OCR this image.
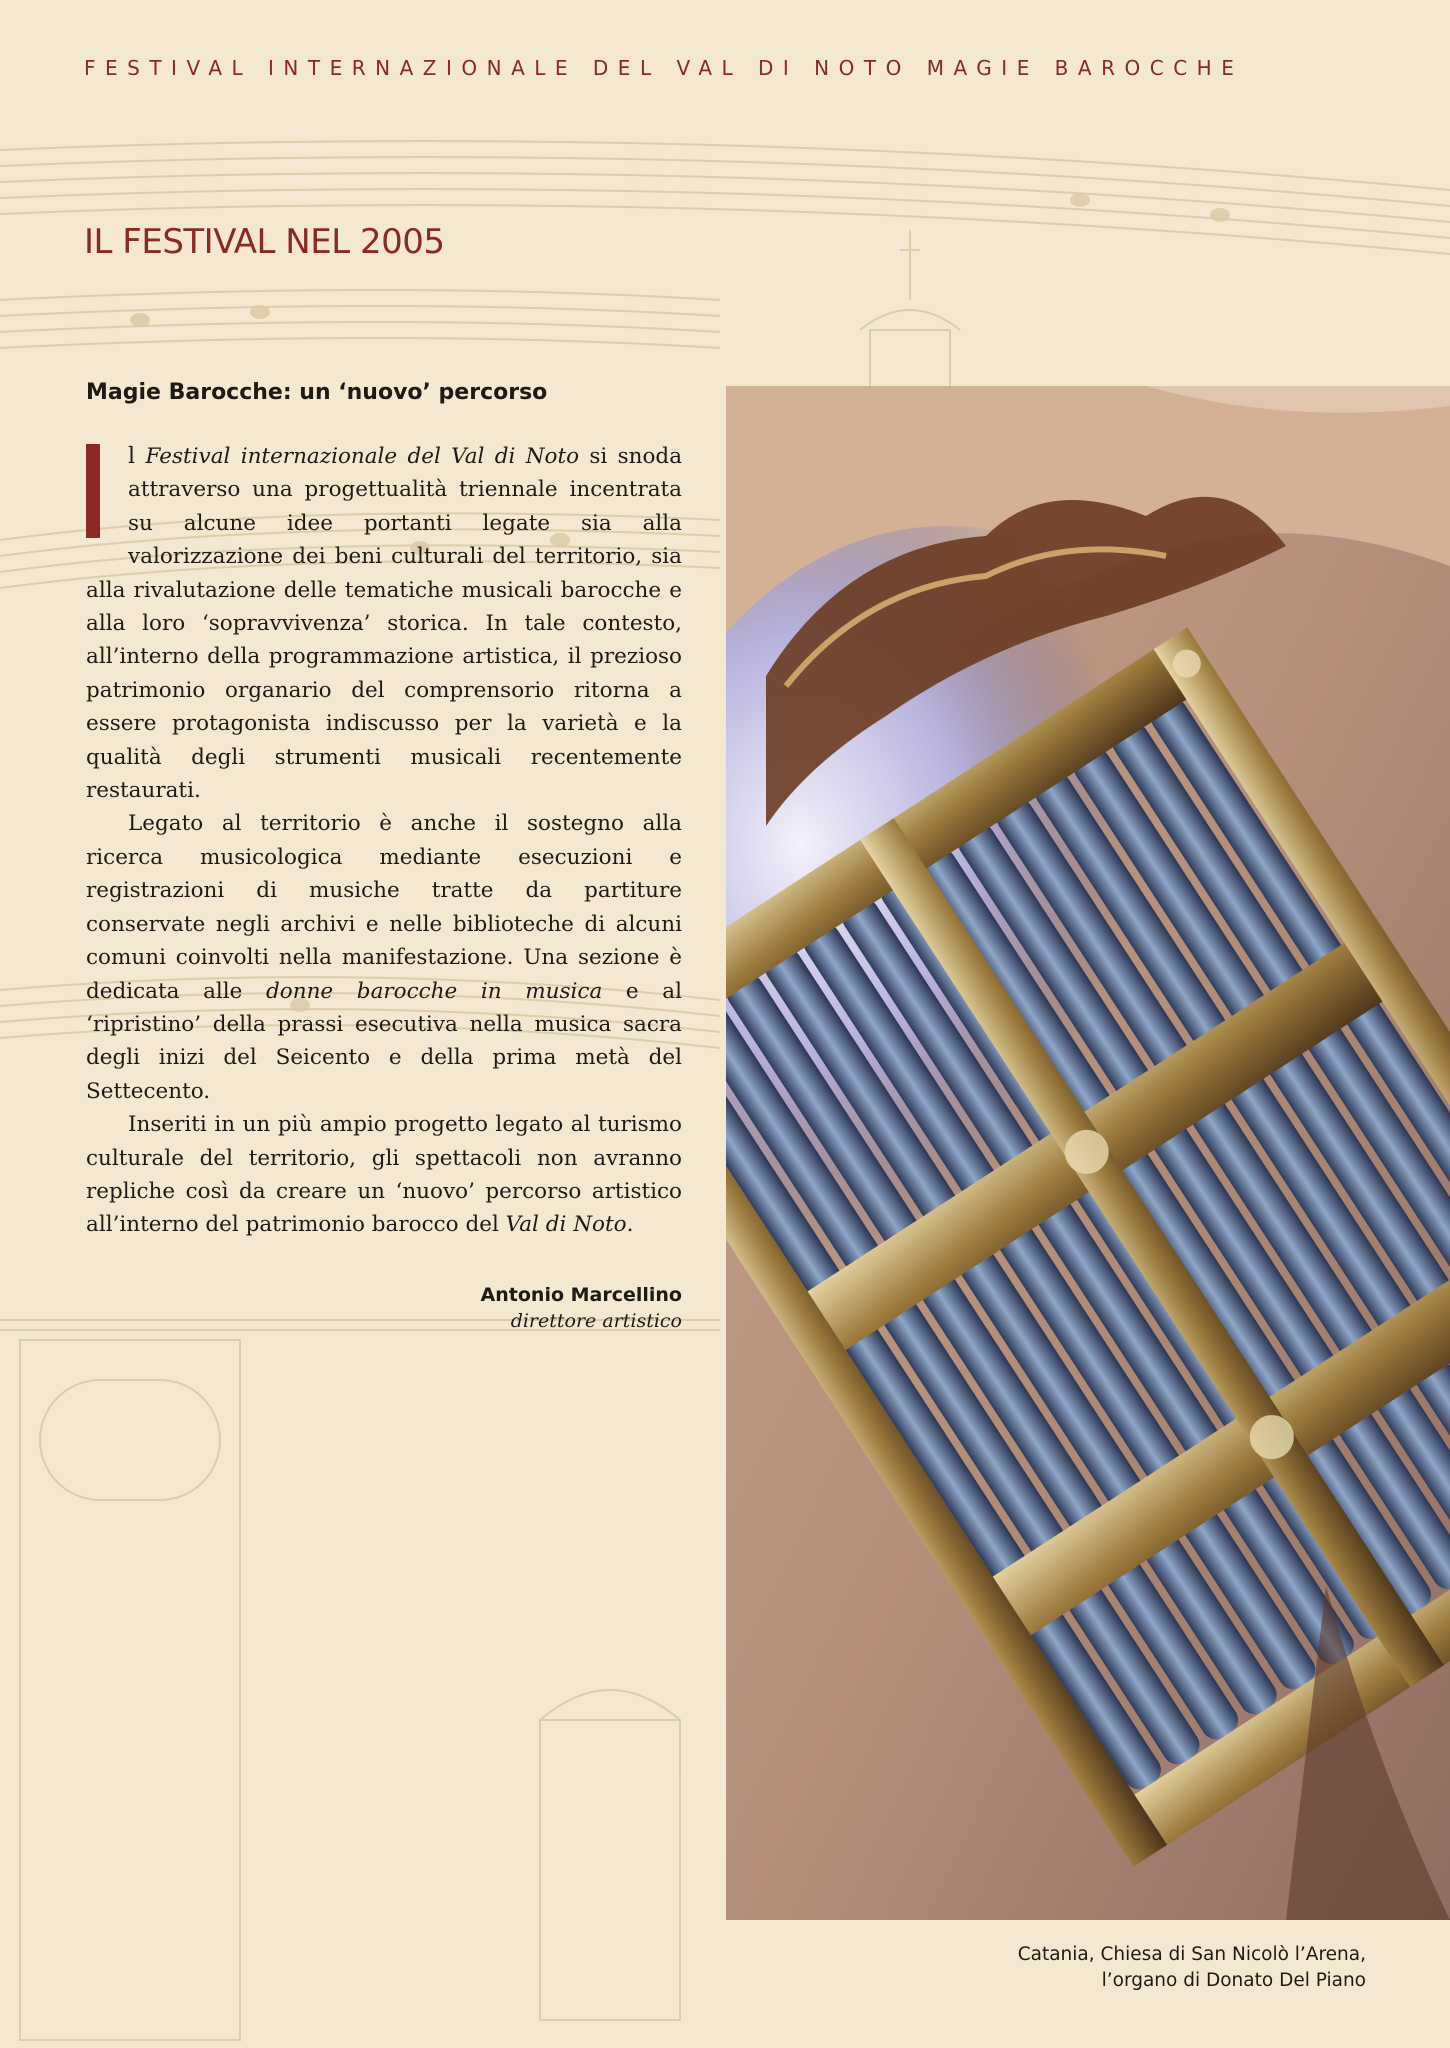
FESTIVAL INTERNAZIONALE DEL VAL DI NOTO MAGIE BAROCCHE
IL FESTIVAL NEL 2005
Magie Barocche: un ‘nuovo’ percorso

l Festival internazionale del Val di Noto si snoda attraverso una progettualità triennale incentrata su alcune idee portanti legate sia alla valorizzazione dei beni culturali del territorio, sia alla rivalutazione delle tematiche musicali barocche e alla loro ‘sopravvivenza’ storica. In tale contesto, all’interno della programmazione artistica, il prezioso patrimonio organario del comprensorio ritorna a essere protagonista indiscusso per la varietà e la qualità degli strumenti musicali recentemente restaurati.

Legato al territorio è anche il sostegno alla ricerca musicologica mediante esecuzioni e registrazioni di musiche tratte da partiture conservate negli archivi e nelle biblioteche di alcuni comuni coinvolti nella manifestazione. Una sezione è dedicata alle donne barocche in musica e al ‘ripristino’ della prassi esecutiva nella musica sacra degli inizi del Seicento e della prima metà del Settecento.

Inseriti in un più ampio progetto legato al turismo culturale del territorio, gli spettacoli non avranno repliche così da creare un ‘nuovo’ percorso artistico all’interno del patrimonio barocco del Val di Noto.

Antonio Marcellino
direttore artistico
Catania, Chiesa di San Nicolò l’Arena,
l’organo di Donato Del Piano
